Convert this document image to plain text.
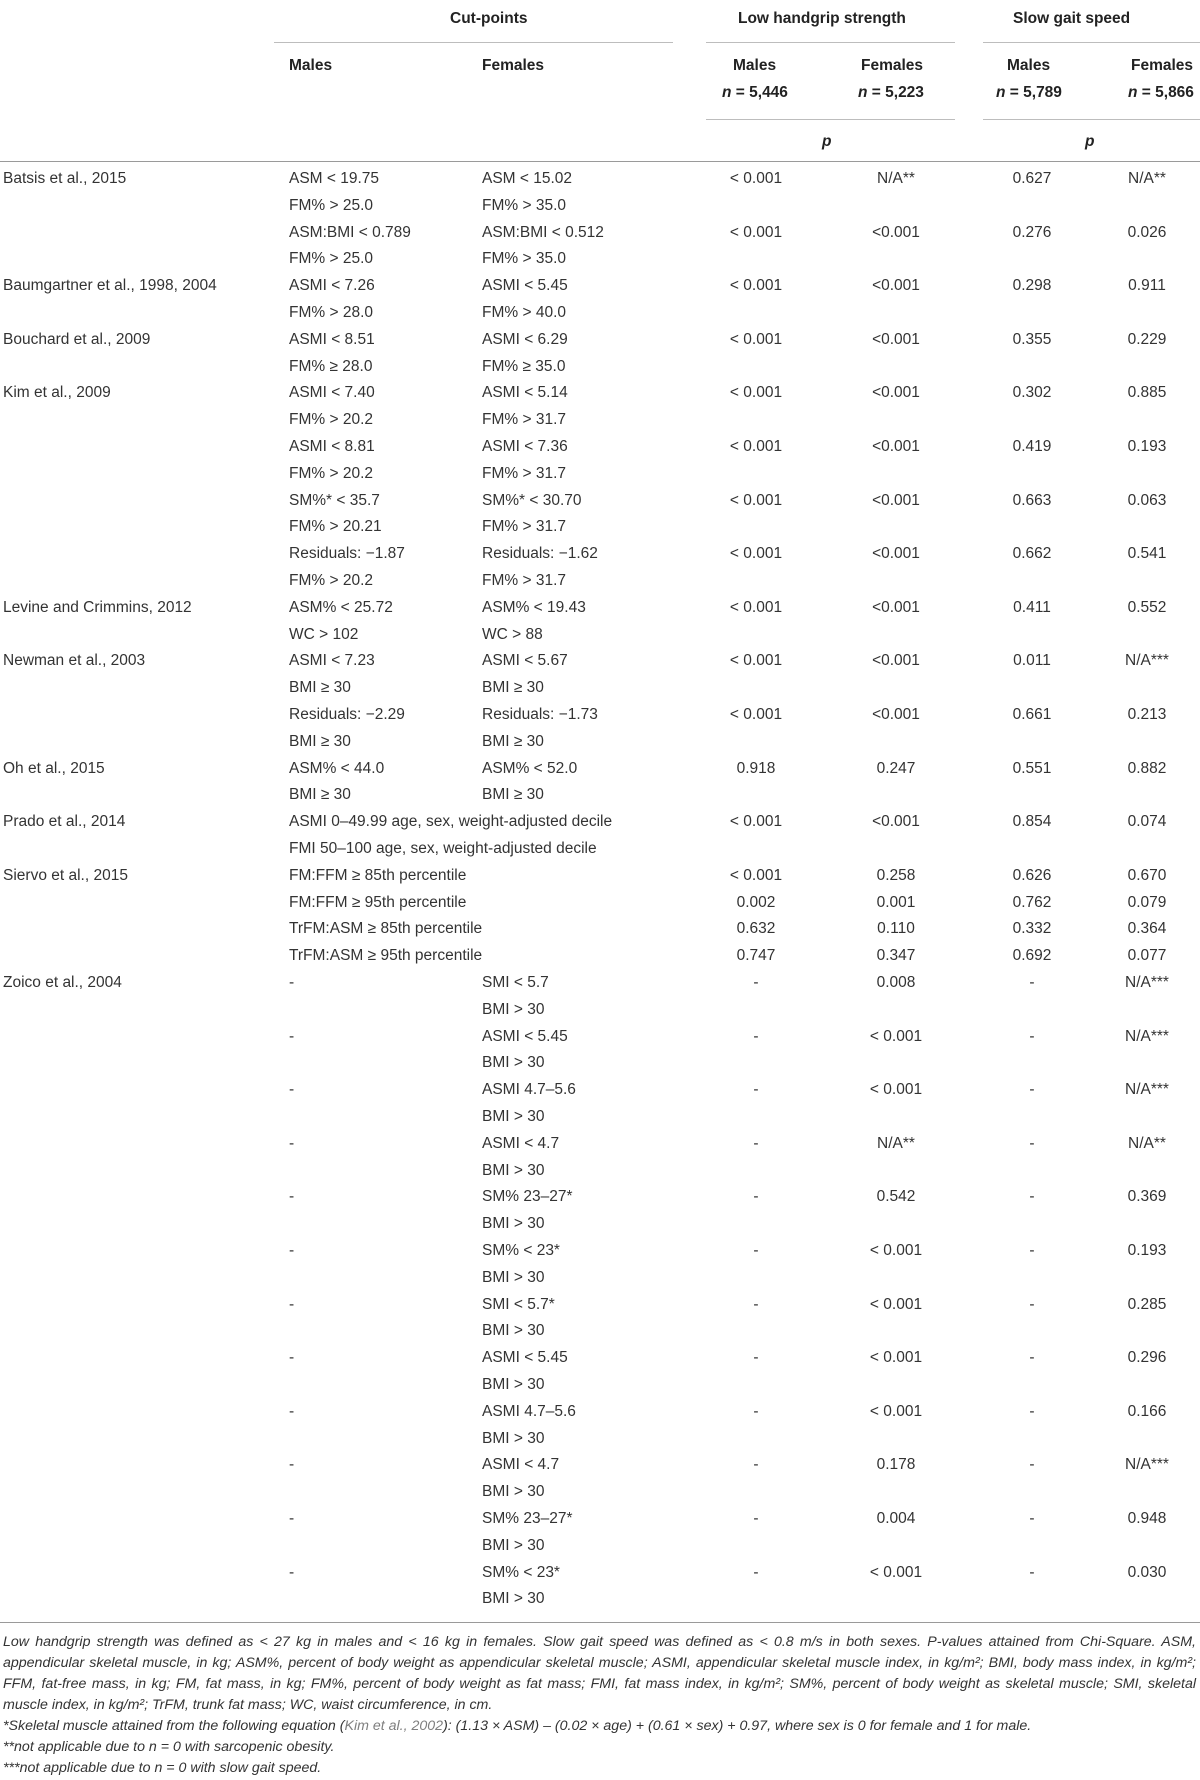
Cut-points	Low handgrip strength	Slow gait speed
Males	Females	Males	Females	Males	Females
n = 5,446	n = 5,223	n = 5,789	n = 5,866
p	p
Batsis et al., 2015	ASM < 19.75	ASM < 15.02	< 0.001	N/A**	0.627	N/A**
FM% > 25.0	FM% > 35.0
ASM:BMI < 0.789	ASM:BMI < 0.512	< 0.001	<0.001	0.276	0.026
FM% > 25.0	FM% > 35.0
Baumgartner et al., 1998, 2004	ASMI < 7.26	ASMI < 5.45	< 0.001	<0.001	0.298	0.911
FM% > 28.0	FM% > 40.0
Bouchard et al., 2009	ASMI < 8.51	ASMI < 6.29	< 0.001	<0.001	0.355	0.229
FM% ≥ 28.0	FM% ≥ 35.0
Kim et al., 2009	ASMI < 7.40	ASMI < 5.14	< 0.001	<0.001	0.302	0.885
FM% > 20.2	FM% > 31.7
ASMI < 8.81	ASMI < 7.36	< 0.001	<0.001	0.419	0.193
FM% > 20.2	FM% > 31.7
SM%* < 35.7	SM%* < 30.70	< 0.001	<0.001	0.663	0.063
FM% > 20.21	FM% > 31.7
Residuals: −1.87	Residuals: −1.62	< 0.001	<0.001	0.662	0.541
FM% > 20.2	FM% > 31.7
Levine and Crimmins, 2012	ASM% < 25.72	ASM% < 19.43	< 0.001	<0.001	0.411	0.552
WC > 102	WC > 88
Newman et al., 2003	ASMI < 7.23	ASMI < 5.67	< 0.001	<0.001	0.011	N/A***
BMI ≥ 30	BMI ≥ 30
Residuals: −2.29	Residuals: −1.73	< 0.001	<0.001	0.661	0.213
BMI ≥ 30	BMI ≥ 30
Oh et al., 2015	ASM% < 44.0	ASM% < 52.0	0.918	0.247	0.551	0.882
BMI ≥ 30	BMI ≥ 30
Prado et al., 2014	ASMI 0–49.99 age, sex, weight-adjusted decile	< 0.001	<0.001	0.854	0.074
FMI 50–100 age, sex, weight-adjusted decile
Siervo et al., 2015	FM:FFM ≥ 85th percentile	< 0.001	0.258	0.626	0.670
FM:FFM ≥ 95th percentile	0.002	0.001	0.762	0.079
TrFM:ASM ≥ 85th percentile	0.632	0.110	0.332	0.364
TrFM:ASM ≥ 95th percentile	0.747	0.347	0.692	0.077
Zoico et al., 2004	-	SMI < 5.7	-	0.008	-	N/A***
BMI > 30
-	ASMI < 5.45	-	< 0.001	-	N/A***
BMI > 30
-	ASMI 4.7–5.6	-	< 0.001	-	N/A***
BMI > 30
-	ASMI < 4.7	-	N/A**	-	N/A**
BMI > 30
-	SM% 23–27*	-	0.542	-	0.369
BMI > 30
-	SM% < 23*	-	< 0.001	-	0.193
BMI > 30
-	SMI < 5.7*	-	< 0.001	-	0.285
BMI > 30
-	ASMI < 5.45	-	< 0.001	-	0.296
BMI > 30
-	ASMI 4.7–5.6	-	< 0.001	-	0.166
BMI > 30
-	ASMI < 4.7	-	0.178	-	N/A***
BMI > 30
-	SM% 23–27*	-	0.004	-	0.948
BMI > 30
-	SM% < 23*	-	< 0.001	-	0.030
BMI > 30

Low handgrip strength was defined as < 27 kg in males and < 16 kg in females. Slow gait speed was defined as < 0.8 m/s in both sexes. P-values attained from Chi-Square. ASM, appendicular skeletal muscle, in kg; ASM%, percent of body weight as appendicular skeletal muscle; ASMI, appendicular skeletal muscle index, in kg/m²; BMI, body mass index, in kg/m²; FFM, fat-free mass, in kg; FM, fat mass, in kg; FM%, percent of body weight as fat mass; FMI, fat mass index, in kg/m²; SM%, percent of body weight as skeletal muscle; SMI, skeletal muscle index, in kg/m²; TrFM, trunk fat mass; WC, waist circumference, in cm.

*Skeletal muscle attained from the following equation (Kim et al., 2002): (1.13 × ASM) – (0.02 × age) + (0.61 × sex) + 0.97, where sex is 0 for female and 1 for male.

**not applicable due to n = 0 with sarcopenic obesity.

***not applicable due to n = 0 with slow gait speed.
